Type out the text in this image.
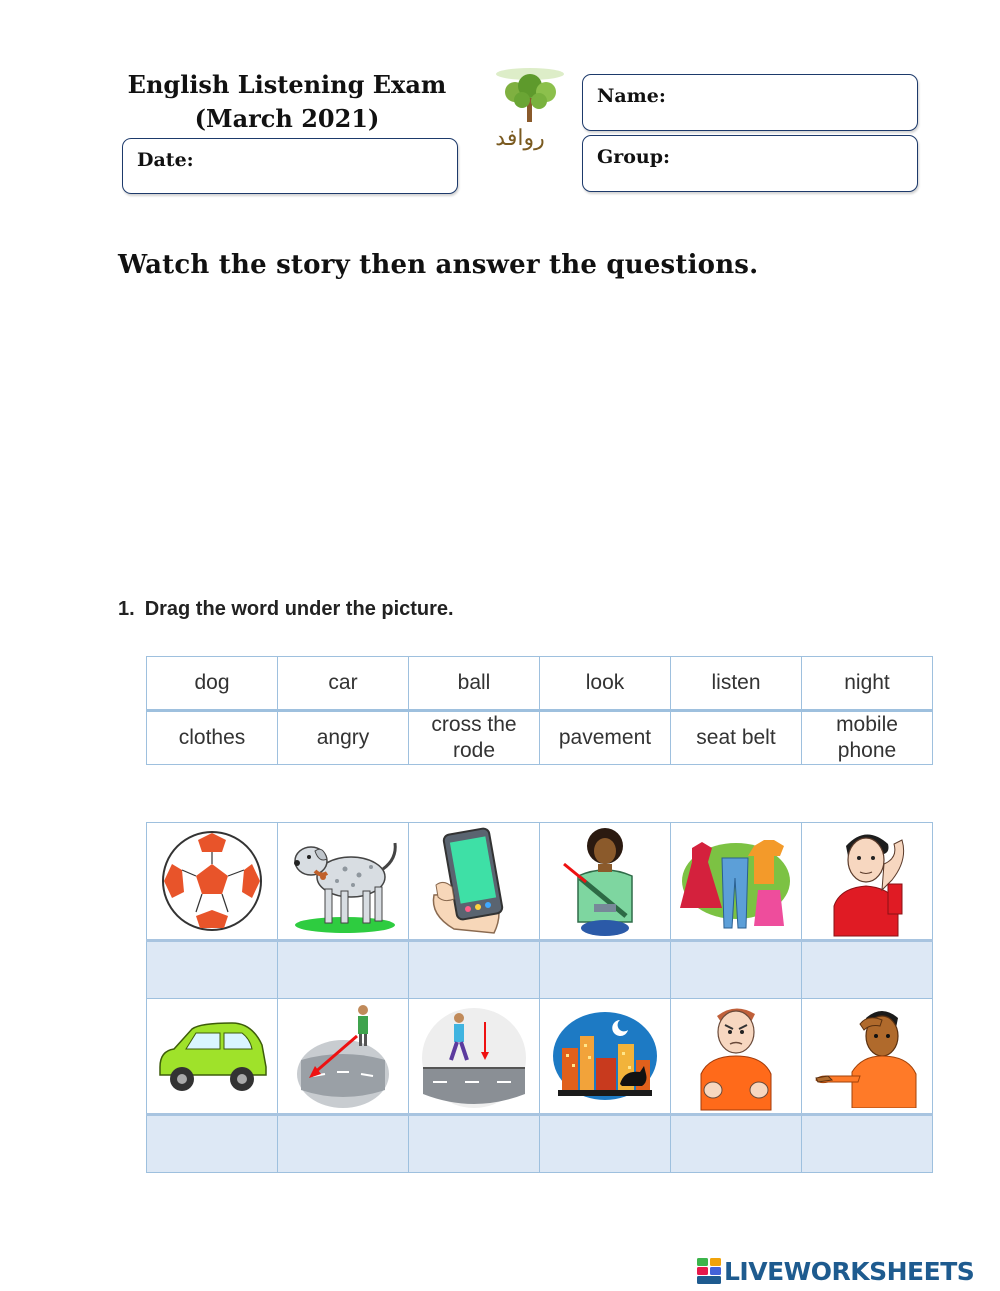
English Listening Exam
(March 2021)
Date:
روافد
Name:
Group:
Watch the story then answer the questions.
1. Drag the word under the picture.
dog	car	ball	look	listen	night
clothes	angry	cross the rode	pavement	seat belt	mobile phone

LIVEWORKSHEETS
